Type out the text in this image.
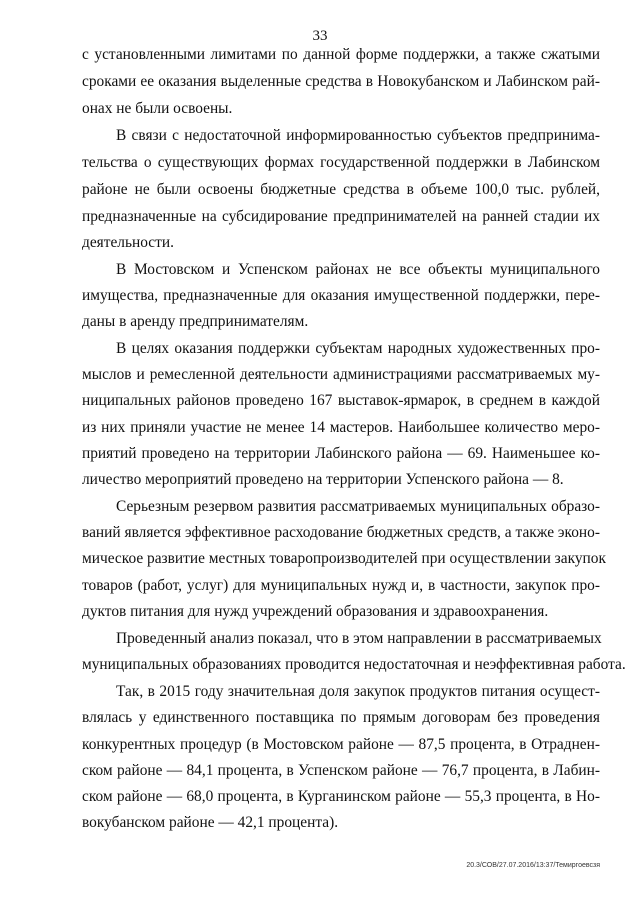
33
с установленными лимитами по данной форме поддержки, а также сжатыми
сроками ее оказания выделенные средства в Новокубанском и Лабинском рай-
онах не были освоены.
В связи с недостаточной информированностью субъектов предпринима-
тельства о существующих формах государственной поддержки в Лабинском
районе не были освоены бюджетные средства в объеме 100,0 тыс. рублей,
предназначенные на субсидирование предпринимателей на ранней стадии их
деятельности.
В Мостовском и Успенском районах не все объекты муниципального
имущества, предназначенные для оказания имущественной поддержки, пере-
даны в аренду предпринимателям.
В целях оказания поддержки субъектам народных художественных про-
мыслов и ремесленной деятельности администрациями рассматриваемых му-
ниципальных районов проведено 167 выставок-ярмарок, в среднем в каждой
из них приняли участие не менее 14 мастеров. Наибольшее количество меро-
приятий проведено на территории Лабинского района — 69. Наименьшее ко-
личество мероприятий проведено на территории Успенского района — 8.
Серьезным резервом развития рассматриваемых муниципальных образо-
ваний является эффективное расходование бюджетных средств, а также эконо-
мическое развитие местных товаропроизводителей при осуществлении закупок
товаров (работ, услуг) для муниципальных нужд и, в частности, закупок про-
дуктов питания для нужд учреждений образования и здравоохранения.
Проведенный анализ показал, что в этом направлении в рассматриваемых
муниципальных образованиях проводится недостаточная и неэффективная работа.
Так, в 2015 году значительная доля закупок продуктов питания осущест-
влялась у единственного поставщика по прямым договорам без проведения
конкурентных процедур (в Мостовском районе — 87,5 процента, в Отраднен-
ском районе — 84,1 процента, в Успенском районе — 76,7 процента, в Лабин-
ском районе — 68,0 процента, в Курганинском районе — 55,3 процента, в Но-
вокубанском районе — 42,1 процента).
20.3/СОВ/27.07.2016/13:37/Темиргоевсзя
